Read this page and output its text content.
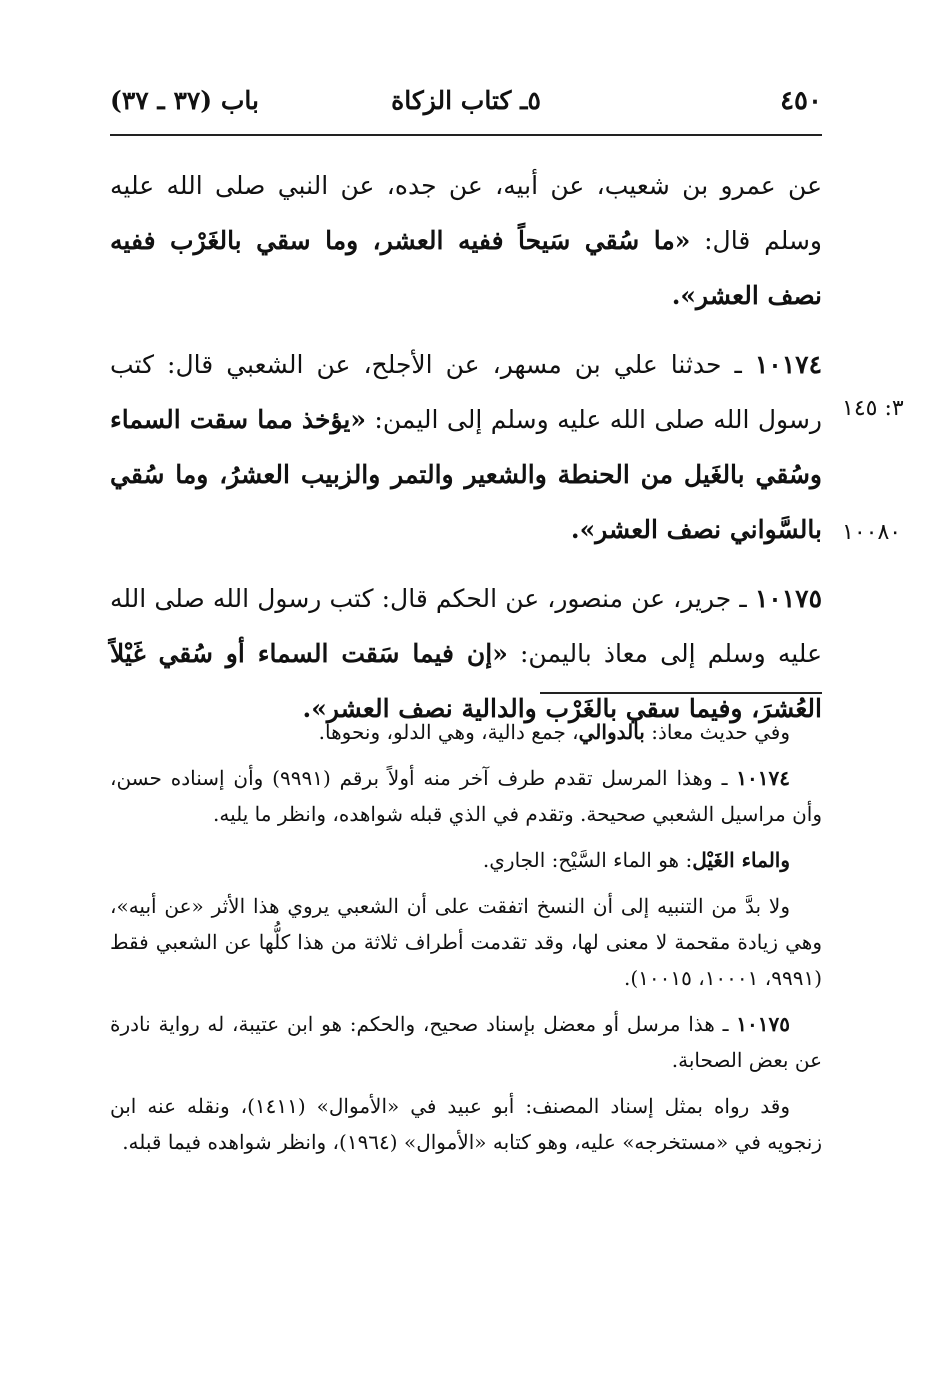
٤٥٠
٥ـ كتاب الزكاة
باب (٣٧ ـ ٣٧)
٣: ١٤٥
١٠٠٨٠

عن عمرو بن شعيب، عن أبيه، عن جده، عن النبي صلى الله عليه وسلم قال: «ما سُقي سَيحاً ففيه العشر، وما سقي بالغَرْب ففيه نصف العشر».

١٠١٧٤ ـ حدثنا علي بن مسهر، عن الأجلح، عن الشعبي قال: كتب رسول الله صلى الله عليه وسلم إلى اليمن: «يؤخذ مما سقت السماء وسُقي بالغَيل من الحنطة والشعير والتمر والزبيب العشرُ، وما سُقي بالسَّواني نصف العشر».

١٠١٧٥ ـ جرير، عن منصور، عن الحكم قال: كتب رسول الله صلى الله عليه وسلم إلى معاذ باليمن: «إن فيما سَقت السماء أو سُقي غَيْلاً العُشرَ، وفيما سقي بالغَرْب والدالية نصف العشر».

وفي حديث معاذ: بالدوالي، جمع دالية، وهي الدلو، ونحوها.

١٠١٧٤ ـ وهذا المرسل تقدم طرف آخر منه أولاً برقم (٩٩٩١) وأن إسناده حسن، وأن مراسيل الشعبي صحيحة. وتقدم في الذي قبله شواهده، وانظر ما يليه.

والماء الغَيْل: هو الماء السَّيْح: الجاري.

ولا بدَّ من التنبيه إلى أن النسخ اتفقت على أن الشعبي يروي هذا الأثر «عن أبيه»، وهي زيادة مقحمة لا معنى لها، وقد تقدمت أطراف ثلاثة من هذا كلُّها عن الشعبي فقط (٩٩٩١، ١٠٠٠١، ١٠٠١٥).

١٠١٧٥ ـ هذا مرسل أو معضل بإسناد صحيح، والحكم: هو ابن عتيبة، له رواية نادرة عن بعض الصحابة.

وقد رواه بمثل إسناد المصنف: أبو عبيد في «الأموال» (١٤١١)، ونقله عنه ابن زنجويه في «مستخرجه» عليه، وهو كتابه «الأموال» (١٩٦٤)، وانظر شواهده فيما قبله.
